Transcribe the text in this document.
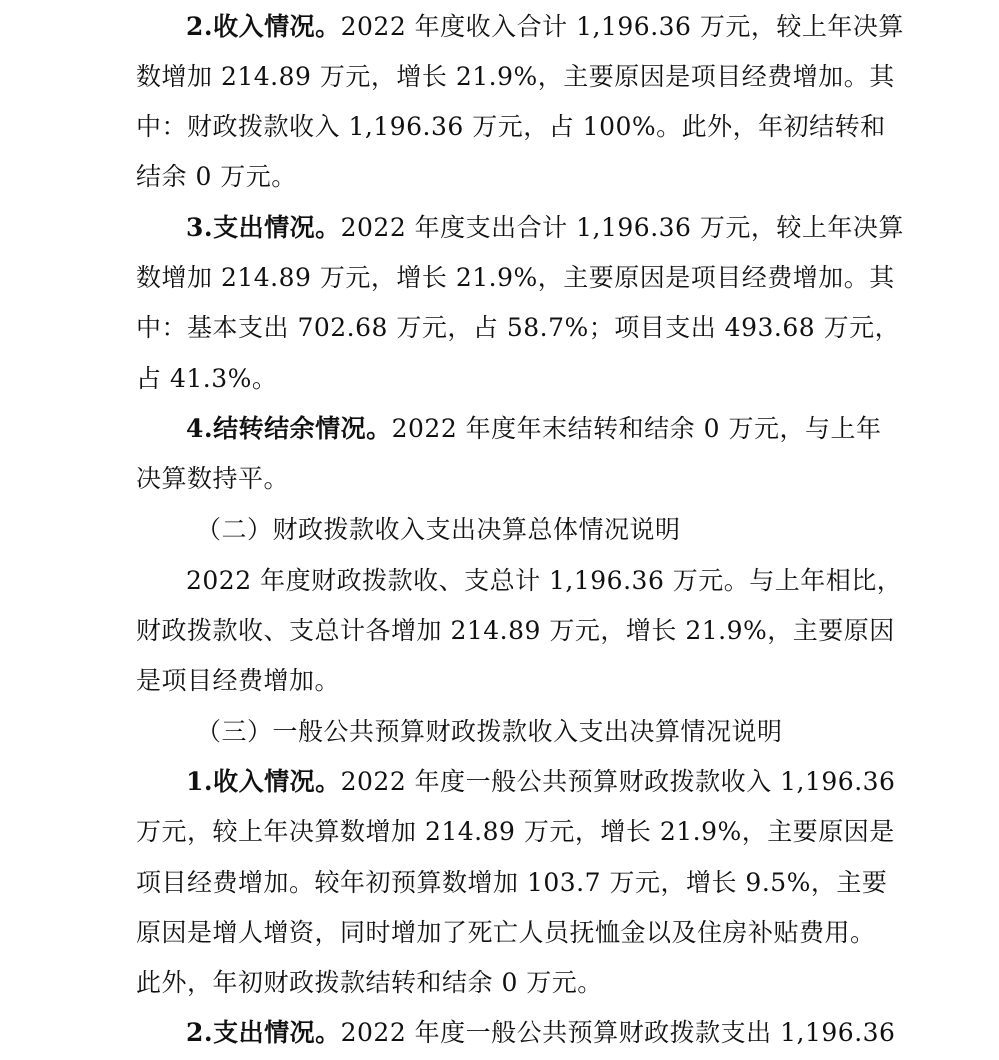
2.收入情况。2022 年度收入合计 1,196.36 万元，较上年决算
数增加 214.89 万元，增长 21.9%，主要原因是项目经费增加。其
中：财政拨款收入 1,196.36 万元，占 100%。此外，年初结转和
结余 0 万元。
3.支出情况。2022 年度支出合计 1,196.36 万元，较上年决算
数增加 214.89 万元，增长 21.9%，主要原因是项目经费增加。其
中：基本支出 702.68 万元，占 58.7%；项目支出 493.68 万元，
占 41.3%。
4.结转结余情况。2022 年度年末结转和结余 0 万元，与上年
决算数持平。
（二）财政拨款收入支出决算总体情况说明
2022 年度财政拨款收、支总计 1,196.36 万元。与上年相比，
财政拨款收、支总计各增加 214.89 万元，增长 21.9%，主要原因
是项目经费增加。
（三）一般公共预算财政拨款收入支出决算情况说明
1.收入情况。2022 年度一般公共预算财政拨款收入 1,196.36
万元，较上年决算数增加 214.89 万元，增长 21.9%，主要原因是
项目经费增加。较年初预算数增加 103.7 万元，增长 9.5%，主要
原因是增人增资，同时增加了死亡人员抚恤金以及住房补贴费用。
此外，年初财政拨款结转和结余 0 万元。
2.支出情况。2022 年度一般公共预算财政拨款支出 1,196.36
